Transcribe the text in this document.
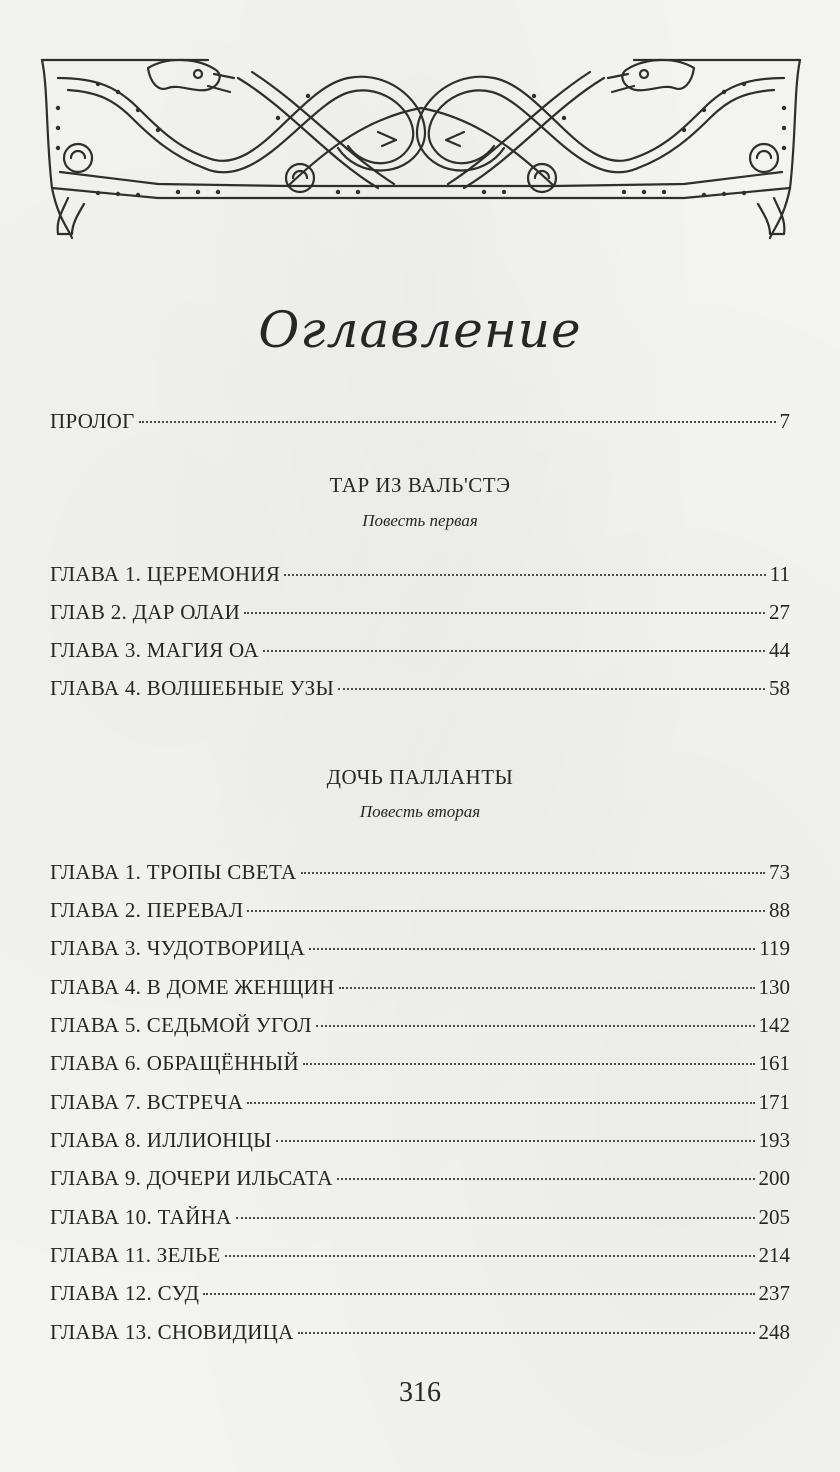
Оглавление
ПРОЛОГ	7
ТАР ИЗ ВАЛЬ'СТЭ
Повесть первая
ГЛАВА 1. ЦЕРЕМОНИЯ	11
ГЛАВ 2. ДАР ОЛАИ	27
ГЛАВА 3. МАГИЯ ОА	44
ГЛАВА 4. ВОЛШЕБНЫЕ УЗЫ	58
ДОЧЬ ПАЛЛАНТЫ
Повесть вторая
ГЛАВА 1. ТРОПЫ СВЕТА	73
ГЛАВА 2. ПЕРЕВАЛ	88
ГЛАВА 3. ЧУДОТВОРИЦА	119
ГЛАВА 4. В ДОМЕ ЖЕНЩИН	130
ГЛАВА 5. СЕДЬМОЙ УГОЛ	142
ГЛАВА 6. ОБРАЩЁННЫЙ	161
ГЛАВА 7. ВСТРЕЧА	171
ГЛАВА 8. ИЛЛИОНЦЫ	193
ГЛАВА 9. ДОЧЕРИ ИЛЬСАТА	200
ГЛАВА 10. ТАЙНА	205
ГЛАВА 11. ЗЕЛЬЕ	214
ГЛАВА 12. СУД	237
ГЛАВА 13. СНОВИДИЦА	248
316
